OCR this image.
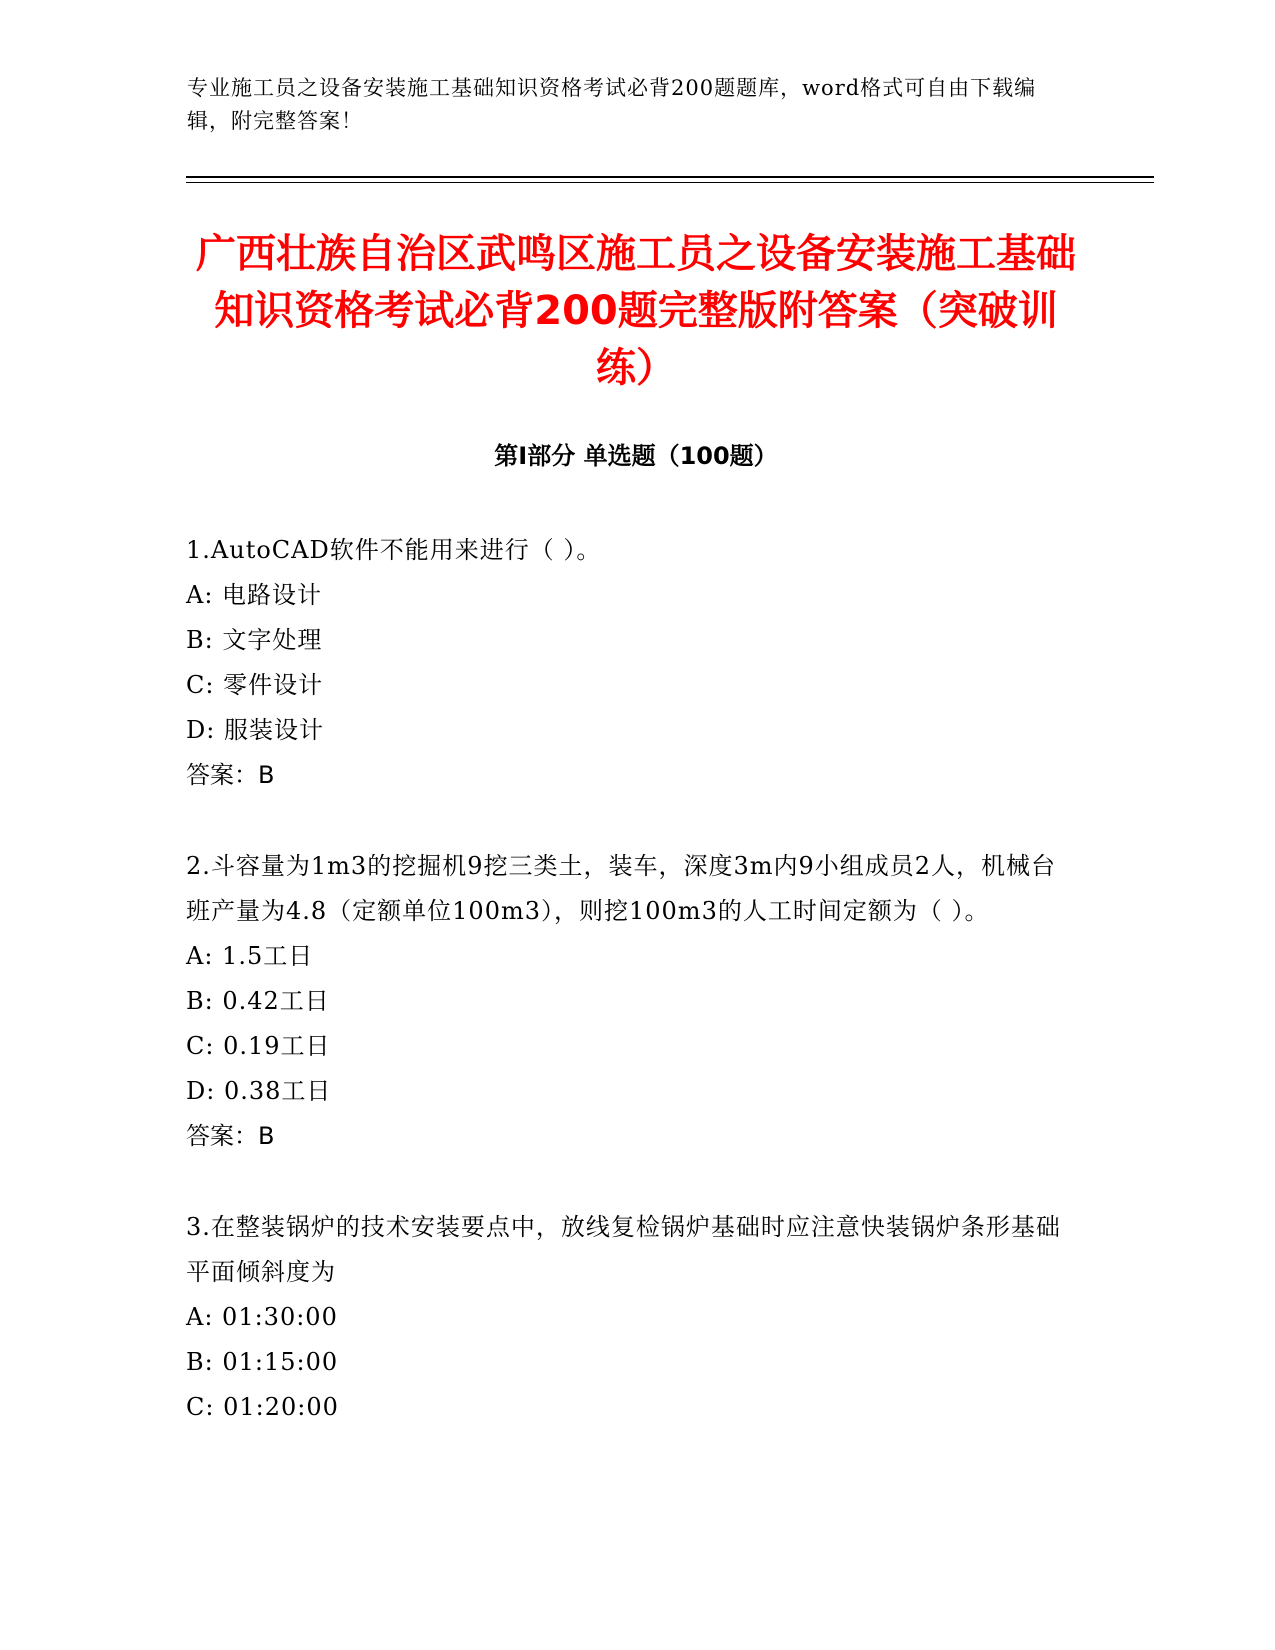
专业施工员之设备安装施工基础知识资格考试必背200题题库，word格式可自由下载编辑，附完整答案！

广西壮族自治区武鸣区施工员之设备安装施工基础知识资格考试必背200题完整版附答案（突破训练）
第I部分 单选题（100题）

1.AutoCAD软件不能用来进行（ ）。

A: 电路设计

B: 文字处理

C: 零件设计

D: 服装设计

答案：B

2.斗容量为1m3的挖掘机9挖三类土，装车，深度3m内9小组成员2人，机械台班产量为4.8（定额单位100m3），则挖100m3的人工时间定额为（ ）。

A: 1.5工日

B: 0.42工日

C: 0.19工日

D: 0.38工日

答案：B

3.在整装锅炉的技术安装要点中，放线复检锅炉基础时应注意快装锅炉条形基础平面倾斜度为

A: 01:30:00

B: 01:15:00

C: 01:20:00
